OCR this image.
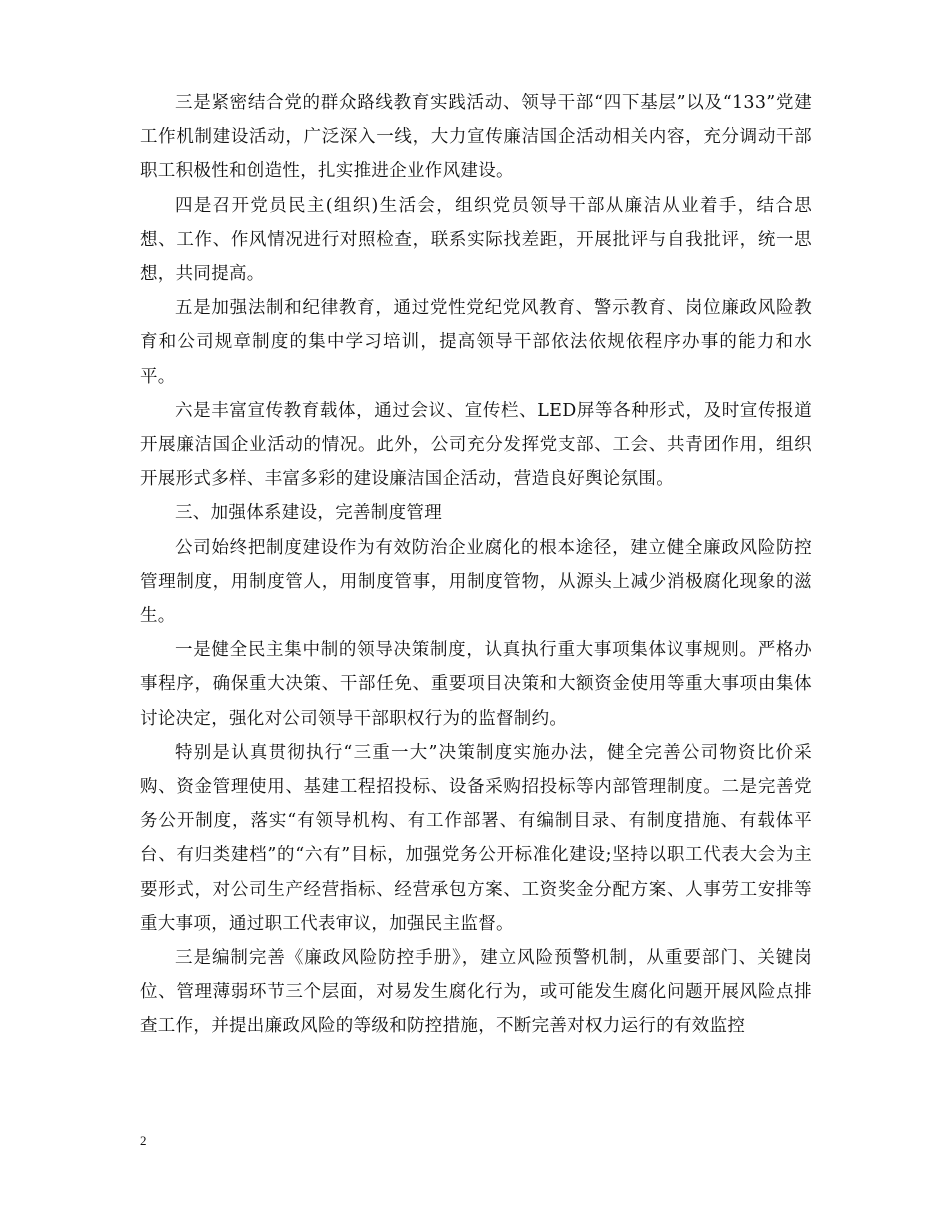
三是紧密结合党的群众路线教育实践活动、领导干部“四下基层”以及“133”党建工作机制建设活动，广泛深入一线，大力宣传廉洁国企活动相关内容，充分调动干部职工积极性和创造性，扎实推进企业作风建设。

四是召开党员民主(组织)生活会，组织党员领导干部从廉洁从业着手，结合思想、工作、作风情况进行对照检查，联系实际找差距，开展批评与自我批评，统一思想，共同提高。

五是加强法制和纪律教育，通过党性党纪党风教育、警示教育、岗位廉政风险教育和公司规章制度的集中学习培训，提高领导干部依法依规依程序办事的能力和水平。

六是丰富宣传教育载体，通过会议、宣传栏、LED屏等各种形式，及时宣传报道开展廉洁国企业活动的情况。此外，公司充分发挥党支部、工会、共青团作用，组织开展形式多样、丰富多彩的建设廉洁国企活动，营造良好舆论氛围。

三、加强体系建设，完善制度管理

公司始终把制度建设作为有效防治企业腐化的根本途径，建立健全廉政风险防控管理制度，用制度管人，用制度管事，用制度管物，从源头上减少消极腐化现象的滋生。

一是健全民主集中制的领导决策制度，认真执行重大事项集体议事规则。严格办事程序，确保重大决策、干部任免、重要项目决策和大额资金使用等重大事项由集体讨论决定，强化对公司领导干部职权行为的监督制约。

特别是认真贯彻执行“三重一大”决策制度实施办法，健全完善公司物资比价采购、资金管理使用、基建工程招投标、设备采购招投标等内部管理制度。二是完善党务公开制度，落实“有领导机构、有工作部署、有编制目录、有制度措施、有载体平台、有归类建档”的“六有”目标，加强党务公开标准化建设;坚持以职工代表大会为主要形式，对公司生产经营指标、经营承包方案、工资奖金分配方案、人事劳工安排等重大事项，通过职工代表审议，加强民主监督。

三是编制完善《廉政风险防控手册》，建立风险预警机制，从重要部门、关键岗位、管理薄弱环节三个层面，对易发生腐化行为，或可能发生腐化问题开展风险点排查工作，并提出廉政风险的等级和防控措施，不断完善对权力运行的有效监控

2
